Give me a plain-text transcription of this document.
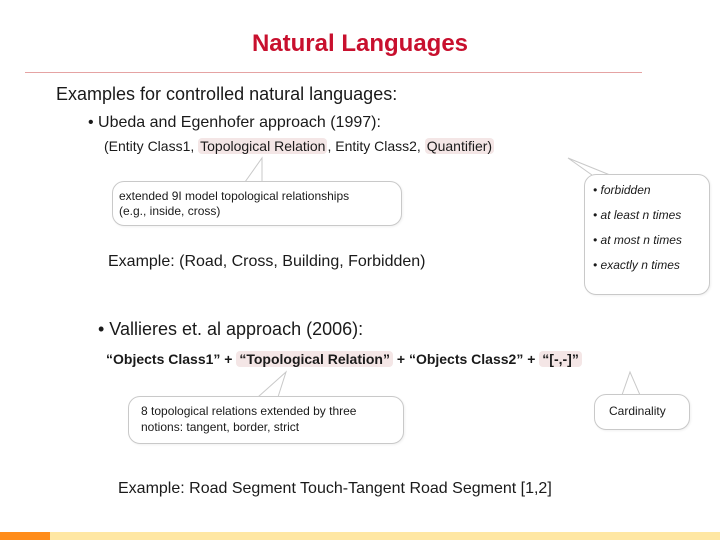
Natural Languages
Examples for controlled natural languages:
• Ubeda and Egenhofer approach (1997):
(Entity Class1, Topological Relation , Entity Class2, Quantifier)
extended 9I model topological relationships
(e.g., inside, cross)
• forbidden
• at least n times
• at most n times
• exactly n times
Example: (Road, Cross, Building, Forbidden)
• Vallieres et. al approach (2006):
“Objects Class1” + “Topological Relation” + “Objects Class2” + “[-,-]”
8 topological relations extended by three
notions: tangent, border, strict
Cardinality
Example: Road Segment Touch-Tangent Road Segment [1,2]
